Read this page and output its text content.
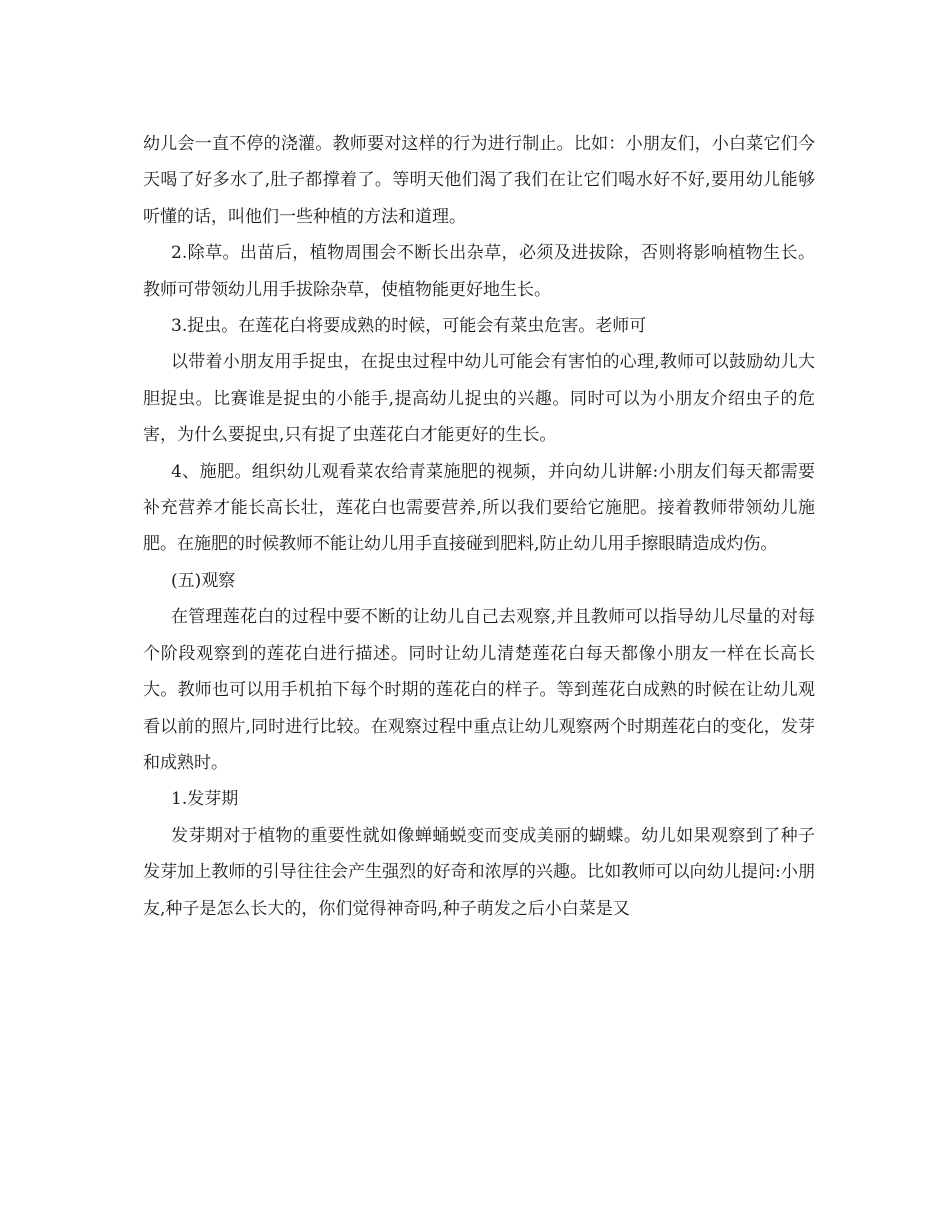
幼儿会一直不停的浇灌。教师要对这样的行为进行制止。比如：小朋友们，小白菜它们今天喝了好多水了,肚子都撑着了。等明天他们渴了我们在让它们喝水好不好,要用幼儿能够听懂的话，叫他们一些种植的方法和道理。

2.除草。出苗后，植物周围会不断长出杂草，必须及进拔除，否则将影响植物生长。教师可带领幼儿用手拔除杂草，使植物能更好地生长。

3.捉虫。在莲花白将要成熟的时候，可能会有菜虫危害。老师可

以带着小朋友用手捉虫，在捉虫过程中幼儿可能会有害怕的心理,教师可以鼓励幼儿大胆捉虫。比赛谁是捉虫的小能手,提高幼儿捉虫的兴趣。同时可以为小朋友介绍虫子的危害，为什么要捉虫,只有捉了虫莲花白才能更好的生长。

4、施肥。组织幼儿观看菜农给青菜施肥的视频，并向幼儿讲解:小朋友们每天都需要补充营养才能长高长壮，莲花白也需要营养,所以我们要给它施肥。接着教师带领幼儿施肥。在施肥的时候教师不能让幼儿用手直接碰到肥料,防止幼儿用手擦眼睛造成灼伤。

(五)观察

在管理莲花白的过程中要不断的让幼儿自己去观察,并且教师可以指导幼儿尽量的对每个阶段观察到的莲花白进行描述。同时让幼儿清楚莲花白每天都像小朋友一样在长高长大。教师也可以用手机拍下每个时期的莲花白的样子。等到莲花白成熟的时候在让幼儿观看以前的照片,同时进行比较。在观察过程中重点让幼儿观察两个时期莲花白的变化，发芽和成熟时。

1.发芽期

发芽期对于植物的重要性就如像蝉蛹蜕变而变成美丽的蝴蝶。幼儿如果观察到了种子发芽加上教师的引导往往会产生强烈的好奇和浓厚的兴趣。比如教师可以向幼儿提问:小朋友,种子是怎么长大的，你们觉得神奇吗,种子萌发之后小白菜是又
